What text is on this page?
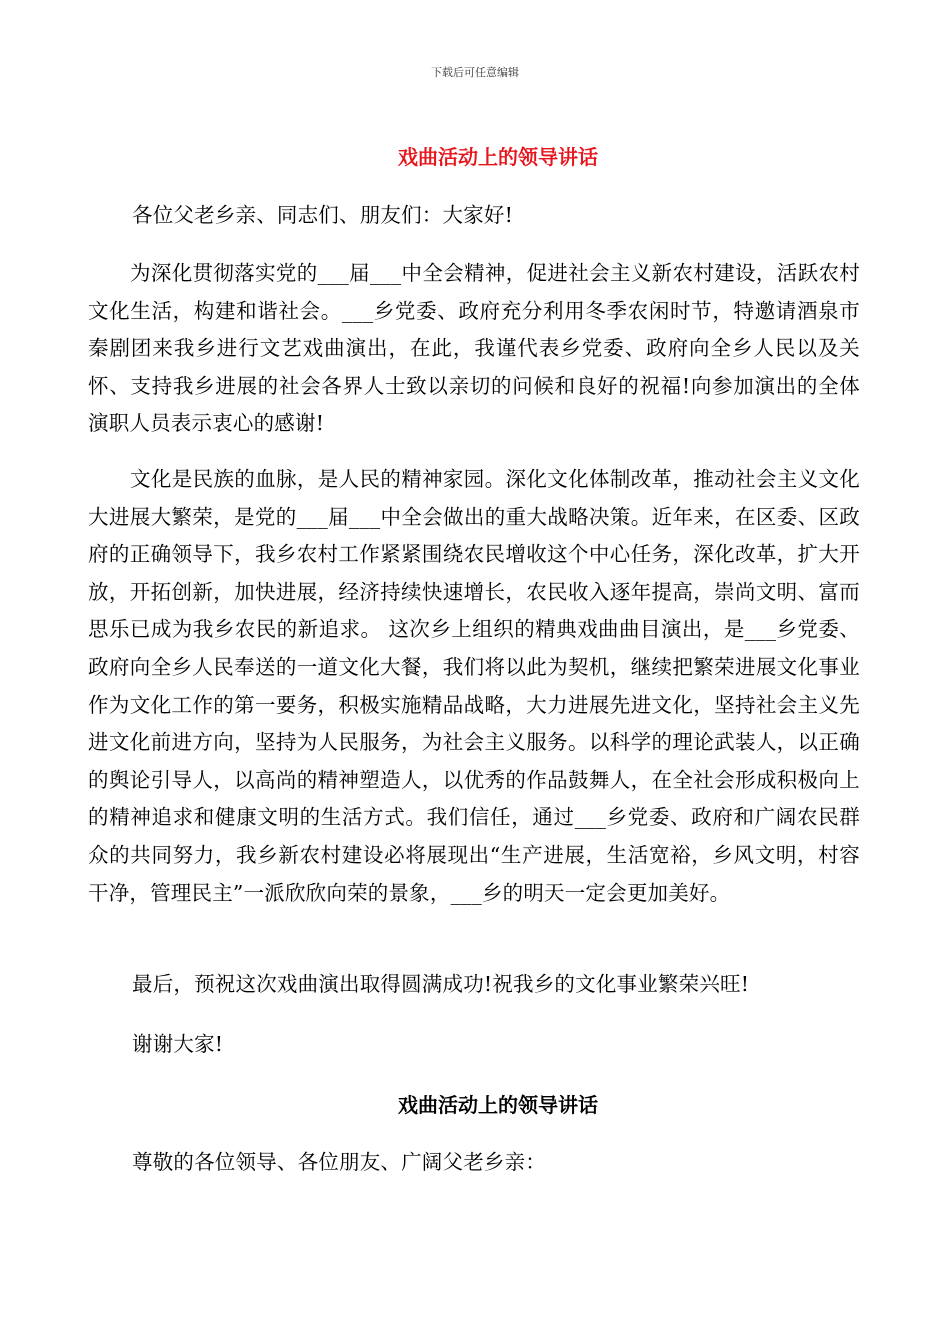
下载后可任意编辑
戏曲活动上的领导讲话
各位父老乡亲、同志们、朋友们：大家好!
为深化贯彻落实党的___届___中全会精神，促进社会主义新农村建设，活跃农村文化生活，构建和谐社会。___乡党委、政府充分利用冬季农闲时节，特邀请酒泉市秦剧团来我乡进行文艺戏曲演出，在此，我谨代表乡党委、政府向全乡人民以及关怀、支持我乡进展的社会各界人士致以亲切的问候和良好的祝福!向参加演出的全体演职人员表示衷心的感谢!
文化是民族的血脉，是人民的精神家园。深化文化体制改革，推动社会主义文化大进展大繁荣，是党的___届___中全会做出的重大战略决策。近年来，在区委、区政府的正确领导下，我乡农村工作紧紧围绕农民增收这个中心任务，深化改革，扩大开放，开拓创新，加快进展，经济持续快速增长，农民收入逐年提高，崇尚文明、富而思乐已成为我乡农民的新追求。 这次乡上组织的精典戏曲曲目演出，是___乡党委、政府向全乡人民奉送的一道文化大餐，我们将以此为契机，继续把繁荣进展文化事业作为文化工作的第一要务，积极实施精品战略，大力进展先进文化，坚持社会主义先进文化前进方向，坚持为人民服务，为社会主义服务。以科学的理论武装人，以正确的舆论引导人，以高尚的精神塑造人，以优秀的作品鼓舞人，在全社会形成积极向上的精神追求和健康文明的生活方式。我们信任，通过___乡党委、政府和广阔农民群众的共同努力，我乡新农村建设必将展现出“生产进展，生活宽裕，乡风文明，村容干净，管理民主”一派欣欣向荣的景象，___乡的明天一定会更加美好。
最后，预祝这次戏曲演出取得圆满成功!祝我乡的文化事业繁荣兴旺!
谢谢大家!
戏曲活动上的领导讲话
尊敬的各位领导、各位朋友、广阔父老乡亲：
